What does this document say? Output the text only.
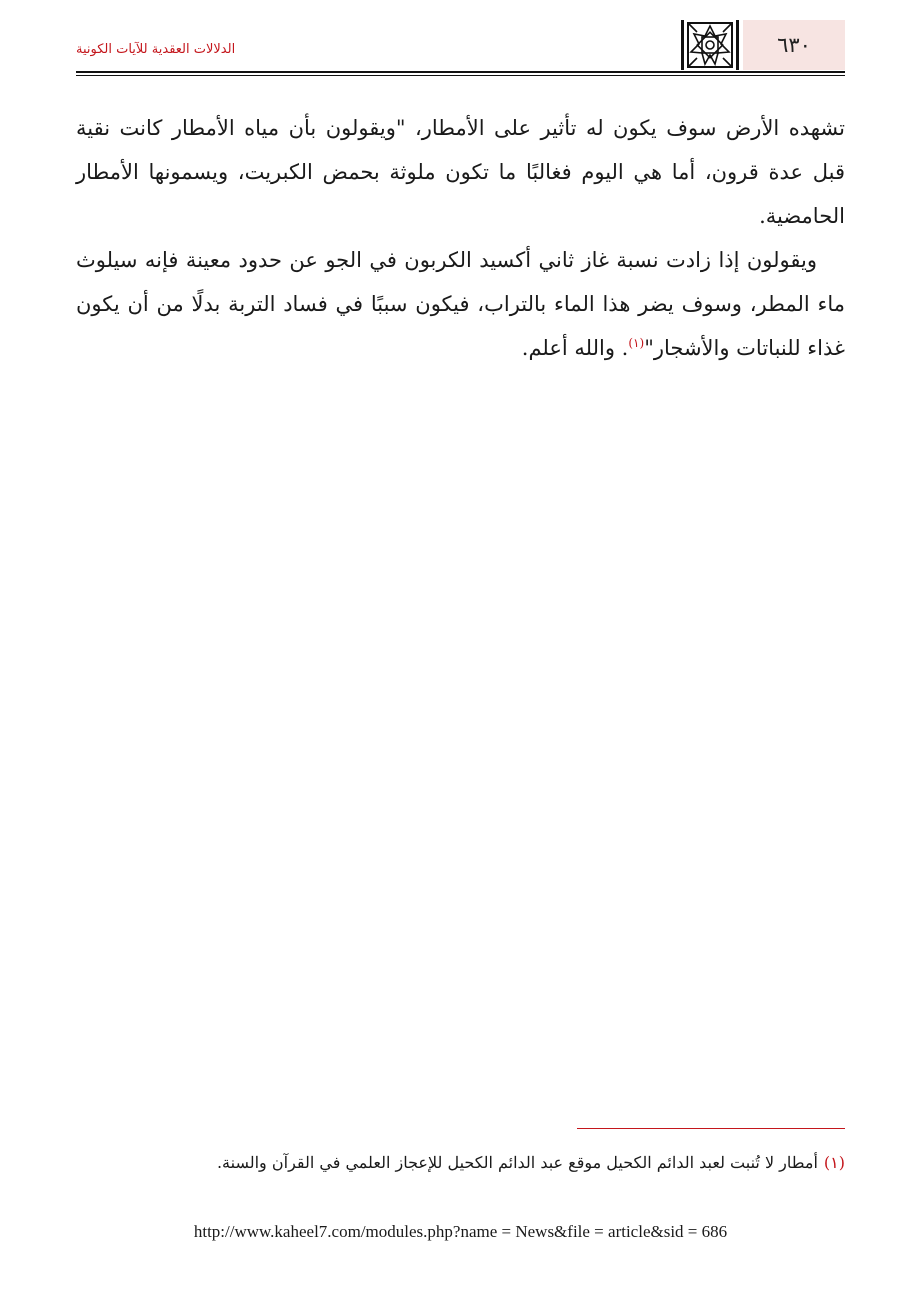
٦٣٠
الدلالات العقدية للآيات الكونية

تشهده الأرض سوف يكون له تأثير على الأمطار، "ويقولون بأن مياه الأمطار كانت نقية قبل عدة قرون، أما هي اليوم فغالبًا ما تكون ملوثة بحمض الكبريت، ويسمونها الأمطار الحامضية.

ويقولون إذا زادت نسبة غاز ثاني أكسيد الكربون في الجو عن حدود معينة فإنه سيلوث ماء المطر، وسوف يضر هذا الماء بالتراب، فيكون سببًا في فساد التربة بدلًا من أن يكون غذاء للنباتات والأشجار"$^{(١)}$. والله أعلم.

(١)أمطار لا تُنبت لعبد الدائم الكحيل موقع عبد الدائم الكحيل للإعجاز العلمي في القرآن والسنة.
http://www.kaheel7.com/modules.php?name = News&file = article&sid = 686
